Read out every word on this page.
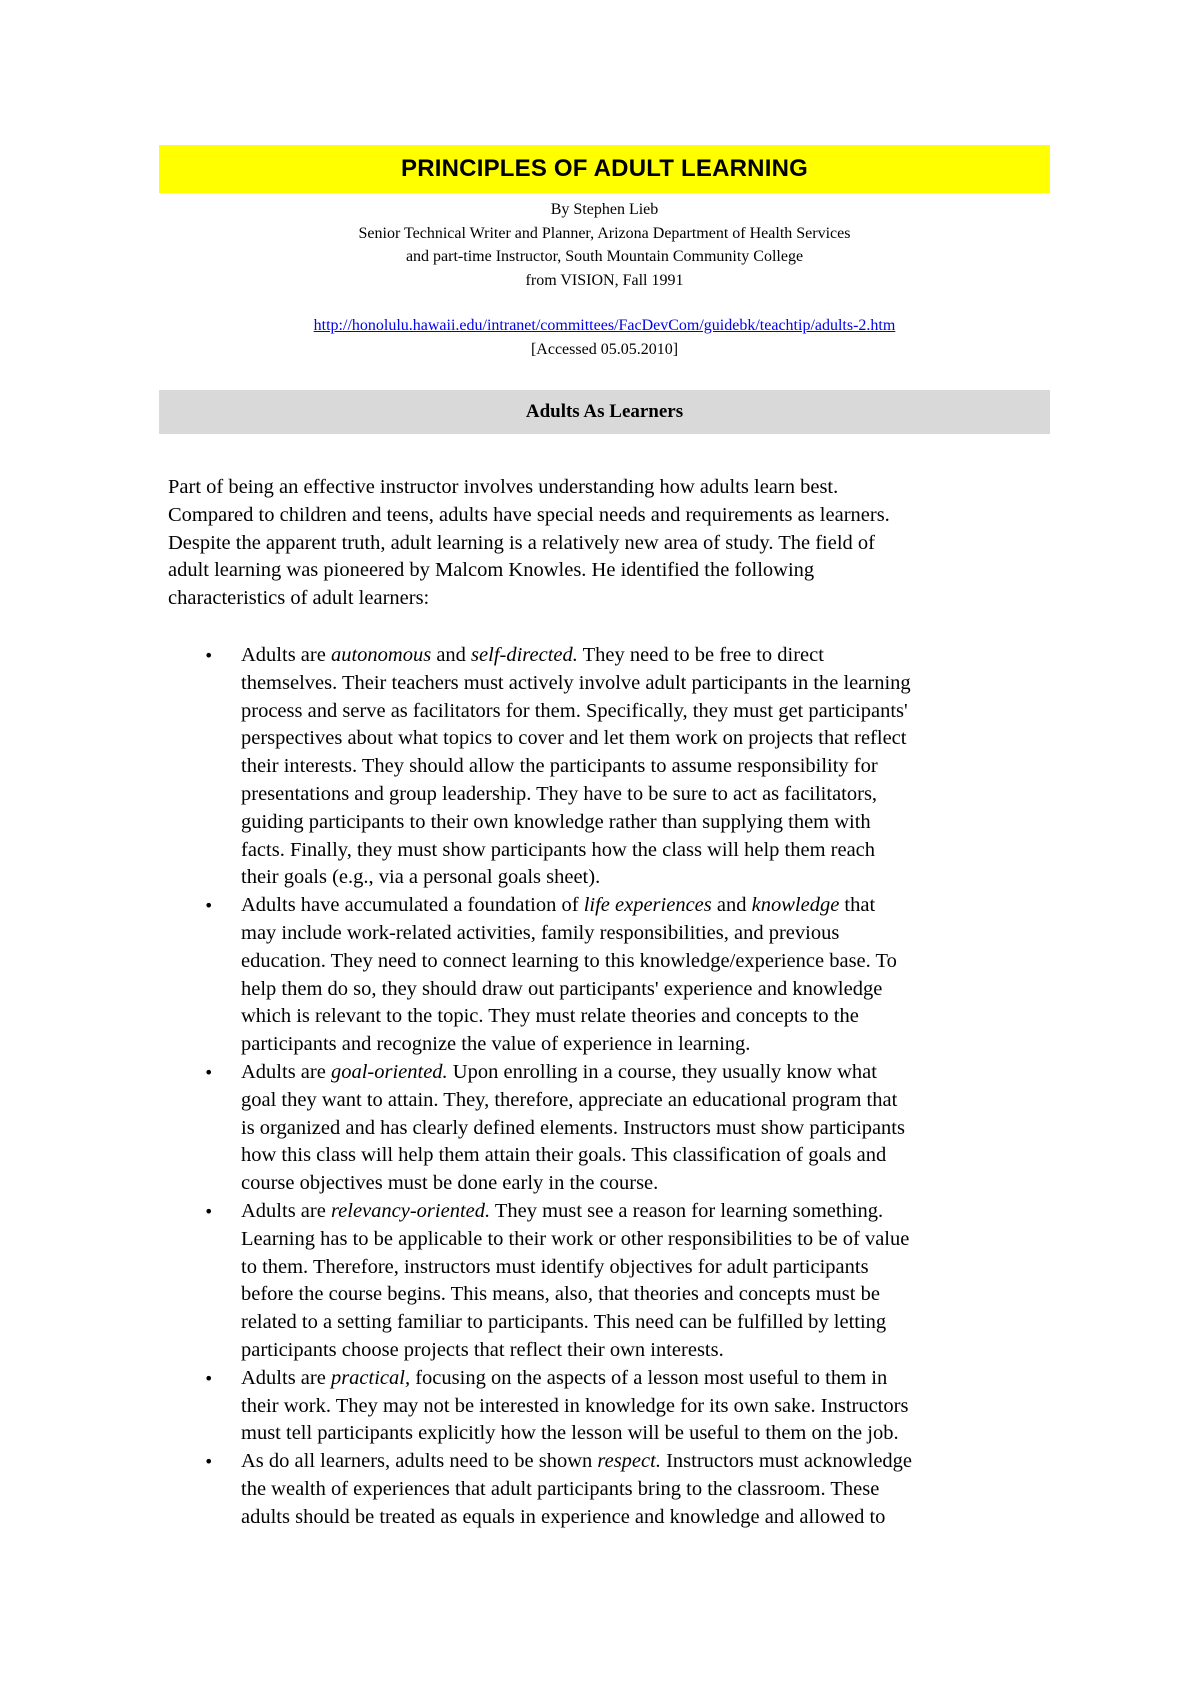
PRINCIPLES OF ADULT LEARNING
By Stephen Lieb
Senior Technical Writer and Planner, Arizona Department of Health Services
and part-time Instructor, South Mountain Community College
from VISION, Fall 1991
http://honolulu.hawaii.edu/intranet/committees/FacDevCom/guidebk/teachtip/adults-2.htm
[Accessed 05.05.2010]
Adults As Learners

Part of being an effective instructor involves understanding how adults learn best.
Compared to children and teens, adults have special needs and requirements as learners.
Despite the apparent truth, adult learning is a relatively new area of study. The field of
adult learning was pioneered by Malcom Knowles. He identified the following
characteristics of adult learners:

• Adults are autonomous and self-directed. They need to be free to direct
themselves. Their teachers must actively involve adult participants in the learning
process and serve as facilitators for them. Specifically, they must get participants'
perspectives about what topics to cover and let them work on projects that reflect
their interests. They should allow the participants to assume responsibility for
presentations and group leadership. They have to be sure to act as facilitators,
guiding participants to their own knowledge rather than supplying them with
facts. Finally, they must show participants how the class will help them reach
their goals (e.g., via a personal goals sheet).
• Adults have accumulated a foundation of life experiences and knowledge that
may include work-related activities, family responsibilities, and previous
education. They need to connect learning to this knowledge/experience base. To
help them do so, they should draw out participants' experience and knowledge
which is relevant to the topic. They must relate theories and concepts to the
participants and recognize the value of experience in learning.
• Adults are goal-oriented. Upon enrolling in a course, they usually know what
goal they want to attain. They, therefore, appreciate an educational program that
is organized and has clearly defined elements. Instructors must show participants
how this class will help them attain their goals. This classification of goals and
course objectives must be done early in the course.
• Adults are relevancy-oriented. They must see a reason for learning something.
Learning has to be applicable to their work or other responsibilities to be of value
to them. Therefore, instructors must identify objectives for adult participants
before the course begins. This means, also, that theories and concepts must be
related to a setting familiar to participants. This need can be fulfilled by letting
participants choose projects that reflect their own interests.
• Adults are practical, focusing on the aspects of a lesson most useful to them in
their work. They may not be interested in knowledge for its own sake. Instructors
must tell participants explicitly how the lesson will be useful to them on the job.
• As do all learners, adults need to be shown respect. Instructors must acknowledge
the wealth of experiences that adult participants bring to the classroom. These
adults should be treated as equals in experience and knowledge and allowed to
